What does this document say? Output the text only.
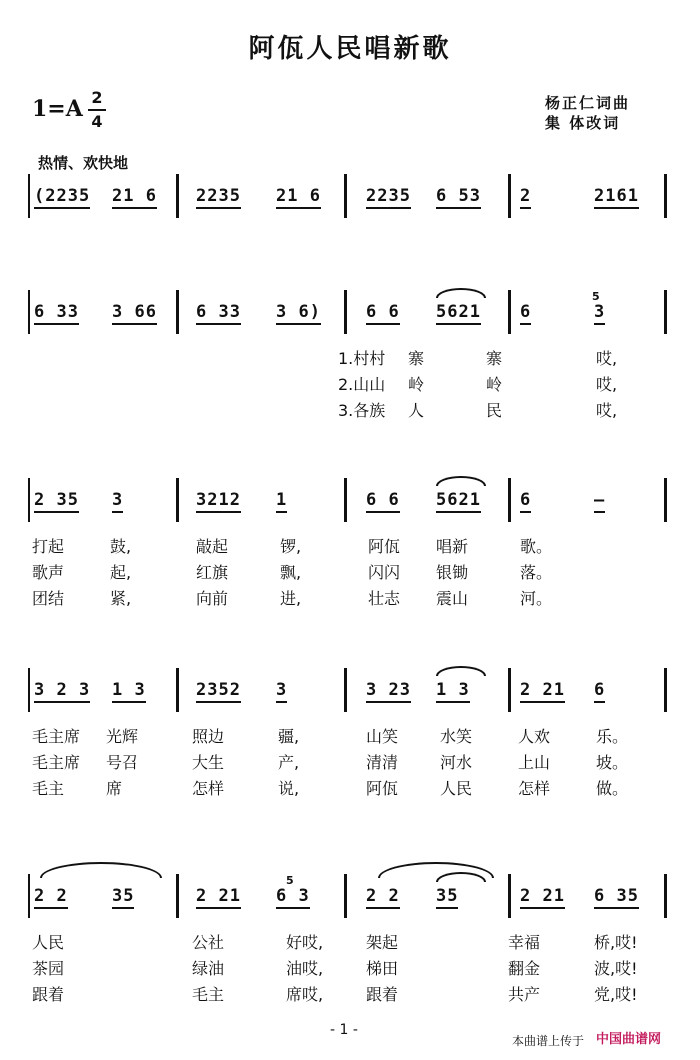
阿佤人民唱新歌
1=A 2
4
杨正仁词曲
集 体改词
热情、欢快地
(2235 21 6 2235 21 6	2235 6 53 2	2161
6 33 3 66 6 33 3 6)	6 6 5621 6	3
5
1.村村 寨	寨	哎,
2.山山 岭	岭	哎,
3.各族 人	民	哎,
2 35 3	3212 1	6 6 5621 6	–
打起	鼓,	敲起	锣,	阿佤 唱新	歌。
歌声	起,	红旗	飘,	闪闪 银锄	落。
团结	紧,	向前	进,	壮志 震山	河。
3 2 3 1 3	2352 3	3 23 1 3	2 21 6
毛主席 光辉	照边	疆,	山笑	水笑	人欢	乐。
毛主席 号召	大生	产,	清清	河水	上山	坡。
毛主	席	怎样	说,	阿佤	人民	怎样	做。
2 2	35	2 21 6 3	2 2 35	2 21 6 35
5
人民	公社	好哎,	架起	幸福	桥,哎!
茶园	绿油	油哎,	梯田	翻金	波,哎!
跟着	毛主	席哎,	跟着	共产	党,哎!
- 1 -
本曲谱上传于 中国曲谱网
